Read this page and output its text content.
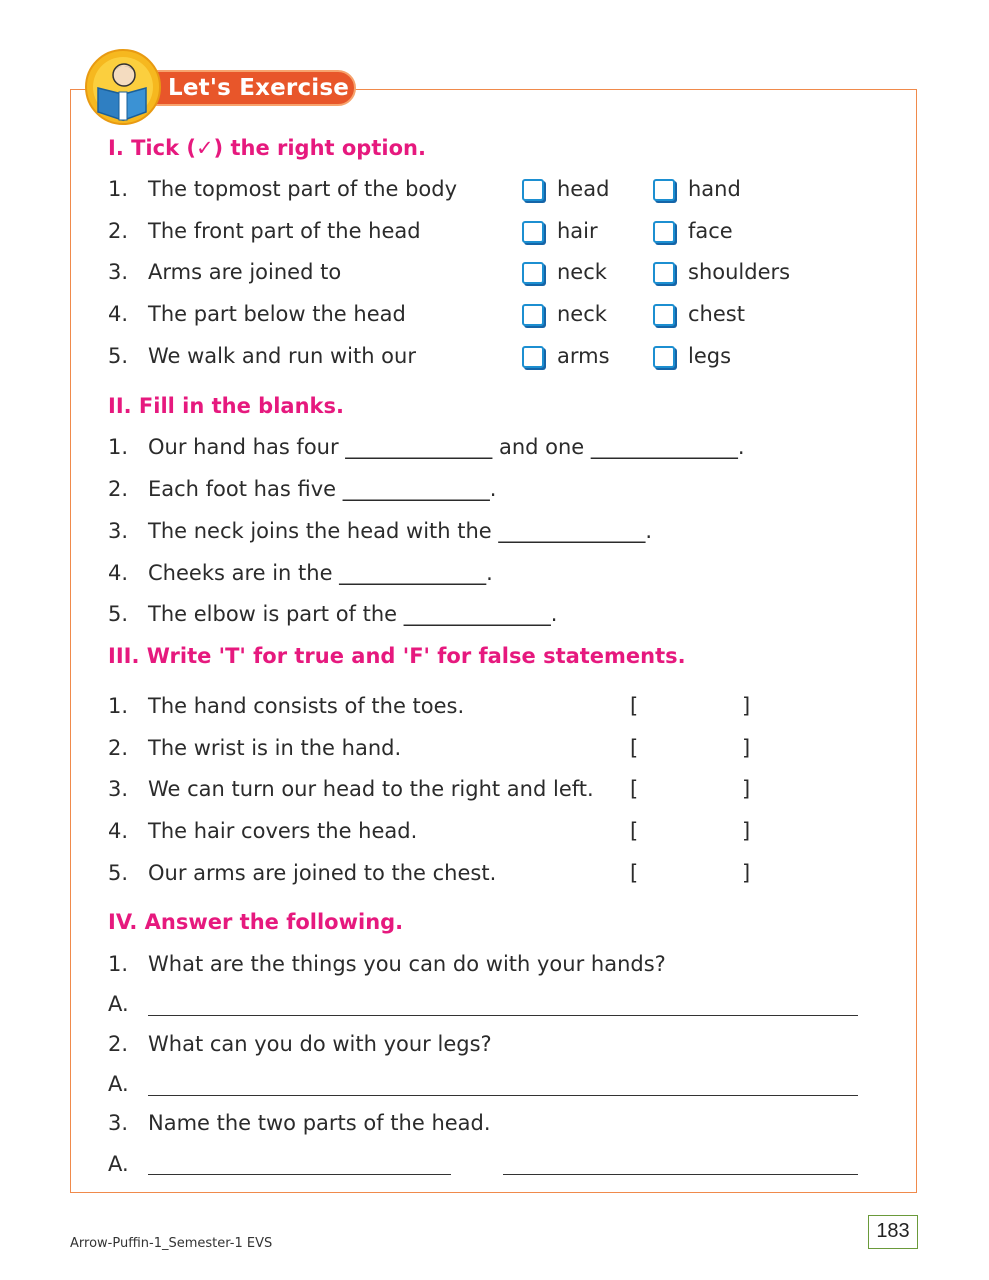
Let's Exercise
I. Tick (✓) the right option.
1. The topmost part of the body	head	hand
2. The front part of the head	hair	face
3. Arms are joined to	neck	shoulders
4. The part below the head	neck	chest
5. We walk and run with our	arms	legs
II. Fill in the blanks.
1. Our hand has four ______________ and one ______________.
2. Each foot has five ______________.
3. The neck joins the head with the ______________.
4. Cheeks are in the ______________.
5. The elbow is part of the ______________.
III. Write 'T' for true and 'F' for false statements.
1. The hand consists of the toes.	[	]
2. The wrist is in the hand.	[	]
3. We can turn our head to the right and left. [	]
4. The hair covers the head.	[	]
5. Our arms are joined to the chest.	[	]
IV. Answer the following.
1. What are the things you can do with your hands?
A.
2. What can you do with your legs?
A.
3. Name the two parts of the head.
A.
Arrow-Puffin-1_Semester-1 EVS
183
